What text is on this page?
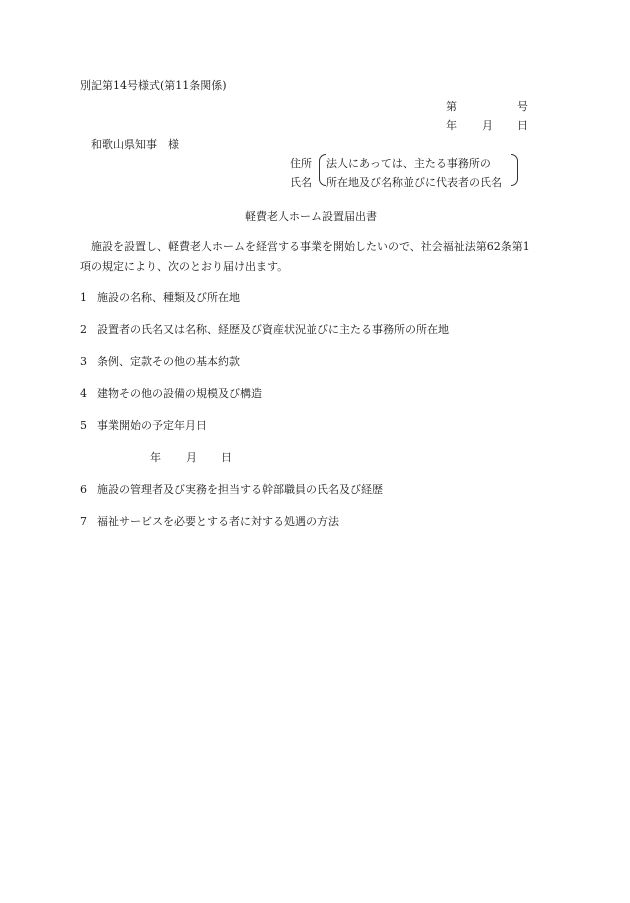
別記第14号様式(第11条関係)
第	号
年 月 日
和歌山県知事　様
住所
氏名
法人にあっては、主たる事務所の
所在地及び名称並びに代表者の氏名
軽費老人ホーム設置届出書
施設を設置し、軽費老人ホームを経営する事業を開始したいので、社会福祉法第62条第1
項の規定により、次のとおり届け出ます。
1 施設の名称、種類及び所在地
2 設置者の氏名又は名称、経歴及び資産状況並びに主たる事務所の所在地
3 条例、定款その他の基本約款
4 建物その他の設備の規模及び構造
5 事業開始の予定年月日
年 月 日
6 施設の管理者及び実務を担当する幹部職員の氏名及び経歴
7 福祉サービスを必要とする者に対する処遇の方法
